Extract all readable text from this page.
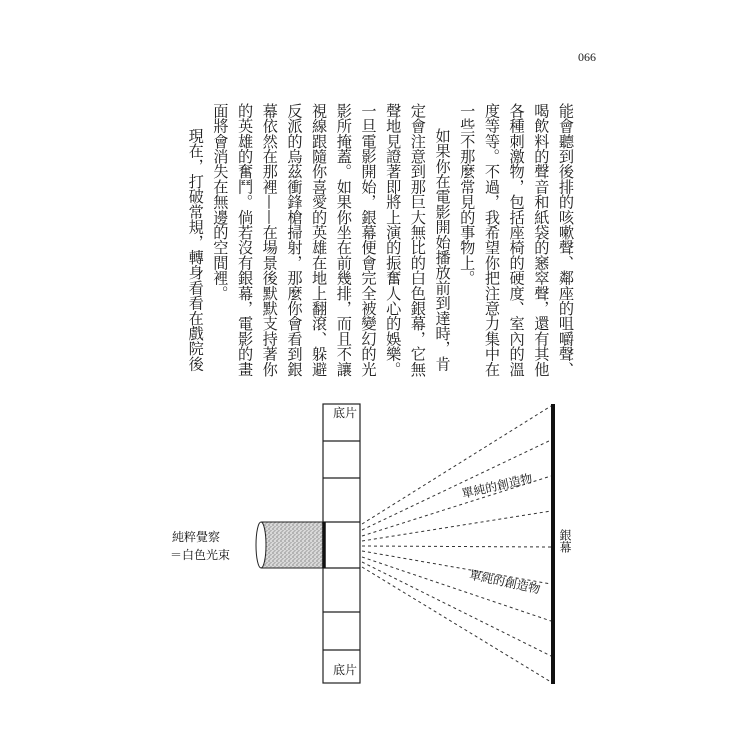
066
能會聽到後排的咳嗽聲、鄰座的咀嚼聲、
喝飲料的聲音和紙袋的窸窣聲，還有其他
各種刺激物，包括座椅的硬度、室內的溫
度等等。不過，我希望你把注意力集中在
一些不那麼常見的事物上。
如果你在電影開始播放前到達時，肯
定會注意到那巨大無比的白色銀幕，它無
聲地見證著即將上演的振奮人心的娛樂。
一旦電影開始，銀幕便會完全被變幻的光
影所掩蓋。如果你坐在前幾排，而且不讓
視線跟隨你喜愛的英雄在地上翻滾、躲避
反派的烏茲衝鋒槍掃射，那麼你會看到銀
幕依然在那裡——在場景後默默支持著你
的英雄的奮鬥。倘若沒有銀幕，電影的畫
面將會消失在無邊的空間裡。
現在，打破常規，轉身看看在戲院後
底片
底片
純粹覺察
＝白色光束
單純的創造物
單純的創造物
銀幕
